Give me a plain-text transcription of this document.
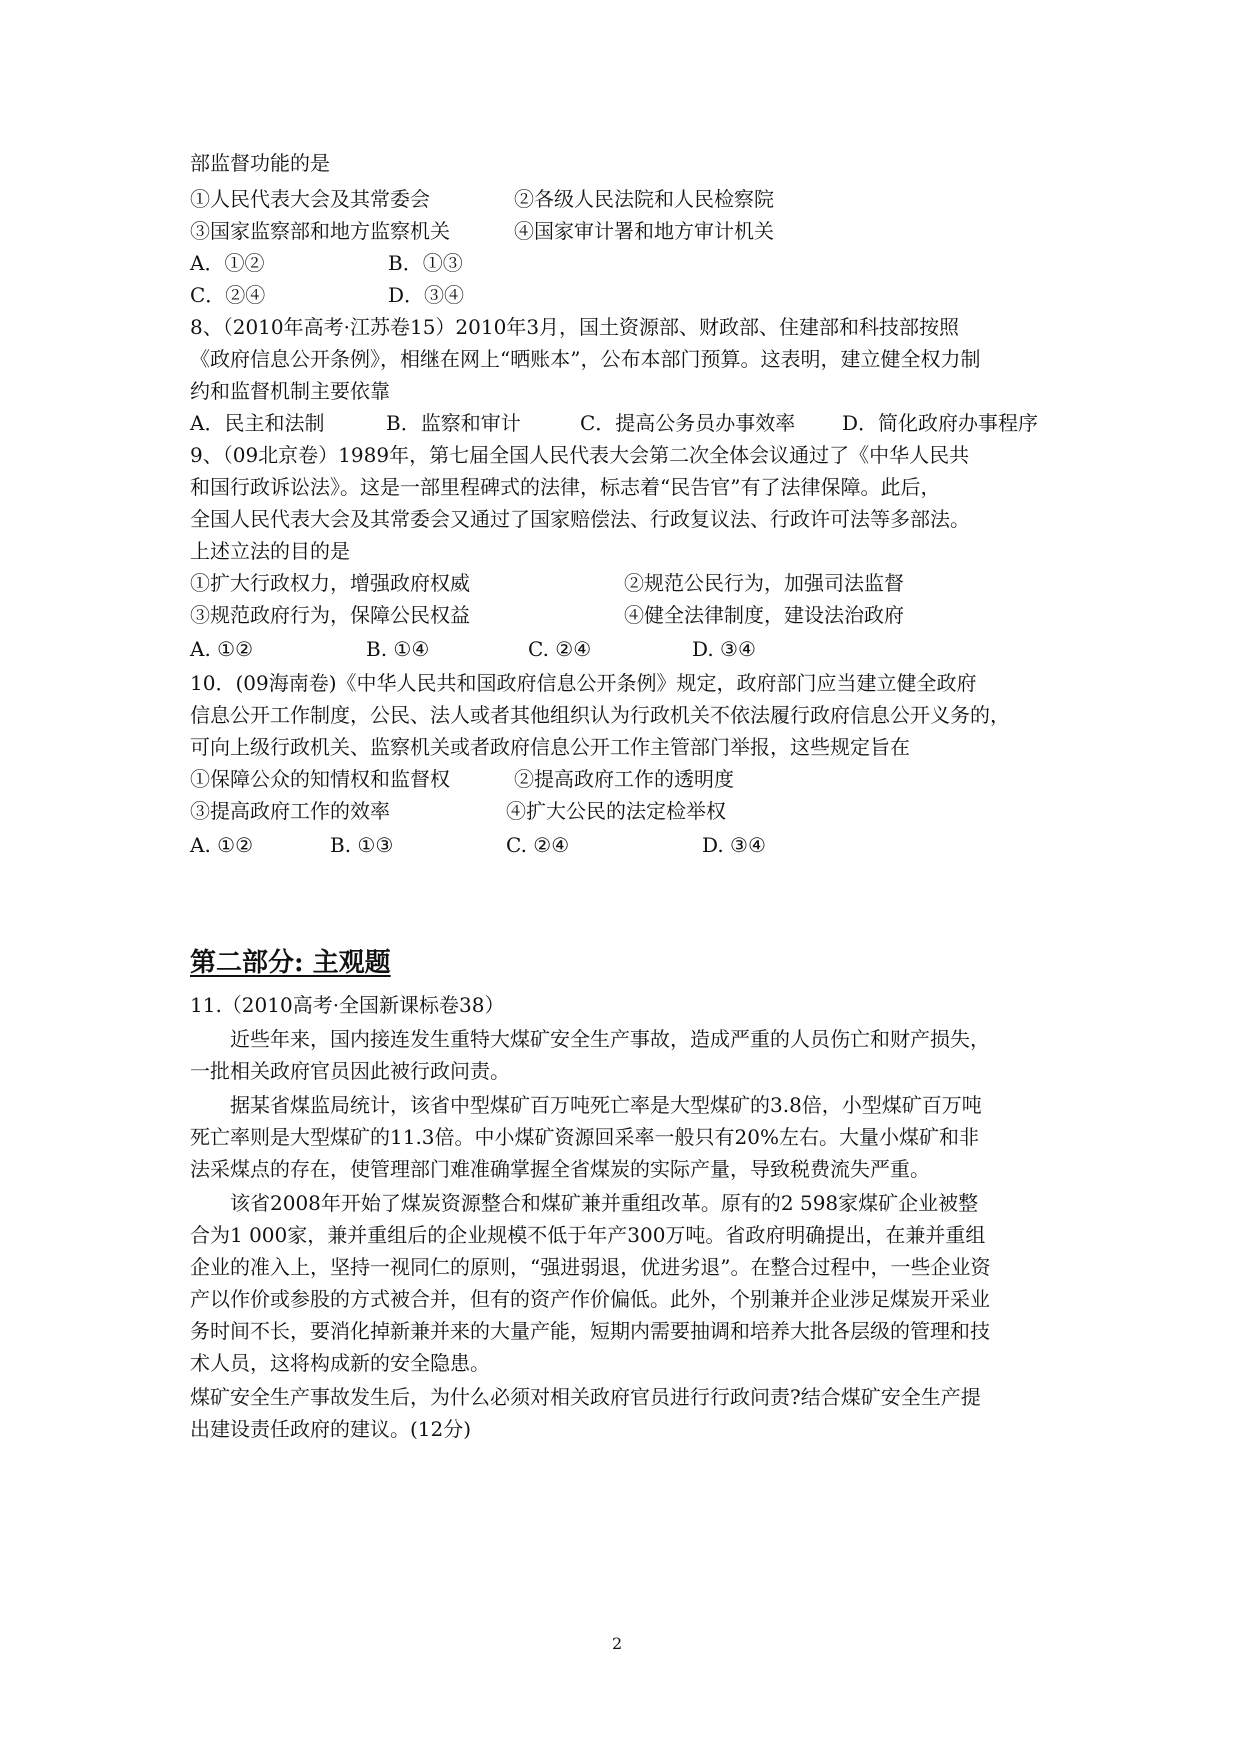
部监督功能的是
①人民代表大会及其常委会	②各级人民法院和人民检察院
③国家监察部和地方监察机关	④国家审计署和地方审计机关
A．①②	B．①③
C．②④	D．③④
8、（2010年高考·江苏卷15）2010年3月，国土资源部、财政部、住建部和科技部按照
《政府信息公开条例》，相继在网上“晒账本”，公布本部门预算。这表明，建立健全权力制
约和监督机制主要依靠
A．民主和法制	B．监察和审计	C．提高公务员办事效率 D．简化政府办事程序
9、（09北京卷）1989年，第七届全国人民代表大会第二次全体会议通过了《中华人民共
和国行政诉讼法》。这是一部里程碑式的法律，标志着“民告官”有了法律保障。此后，
全国人民代表大会及其常委会又通过了国家赔偿法、行政复议法、行政许可法等多部法。
上述立法的目的是
①扩大行政权力，增强政府权威	②规范公民行为，加强司法监督
③规范政府行为，保障公民权益	④健全法律制度，建设法治政府
A. ①②	B. ①④	C. ②④	D. ③④
10．(09海南卷)《中华人民共和国政府信息公开条例》规定，政府部门应当建立健全政府
信息公开工作制度，公民、法人或者其他组织认为行政机关不依法履行政府信息公开义务的，
可向上级行政机关、监察机关或者政府信息公开工作主管部门举报，这些规定旨在
①保障公众的知情权和监督权	②提高政府工作的透明度
③提高政府工作的效率	④扩大公民的法定检举权
A. ①②	B. ①③	C. ②④	D. ③④
第二部分: 主观题
11.（2010高考·全国新课标卷38）
近些年来，国内接连发生重特大煤矿安全生产事故，造成严重的人员伤亡和财产损失，
一批相关政府官员因此被行政问责。
据某省煤监局统计，该省中型煤矿百万吨死亡率是大型煤矿的3.8倍，小型煤矿百万吨
死亡率则是大型煤矿的11.3倍。中小煤矿资源回采率一般只有20%左右。大量小煤矿和非
法采煤点的存在，使管理部门难准确掌握全省煤炭的实际产量，导致税费流失严重。
该省2008年开始了煤炭资源整合和煤矿兼并重组改革。原有的2 598家煤矿企业被整
合为1 000家，兼并重组后的企业规模不低于年产300万吨。省政府明确提出，在兼并重组
企业的准入上，坚持一视同仁的原则，“强进弱退，优进劣退”。在整合过程中，一些企业资
产以作价或参股的方式被合并，但有的资产作价偏低。此外，个别兼并企业涉足煤炭开采业
务时间不长，要消化掉新兼并来的大量产能，短期内需要抽调和培养大批各层级的管理和技
术人员，这将构成新的安全隐患。
煤矿安全生产事故发生后，为什么必须对相关政府官员进行行政问责?结合煤矿安全生产提
出建设责任政府的建议。(12分)
2
